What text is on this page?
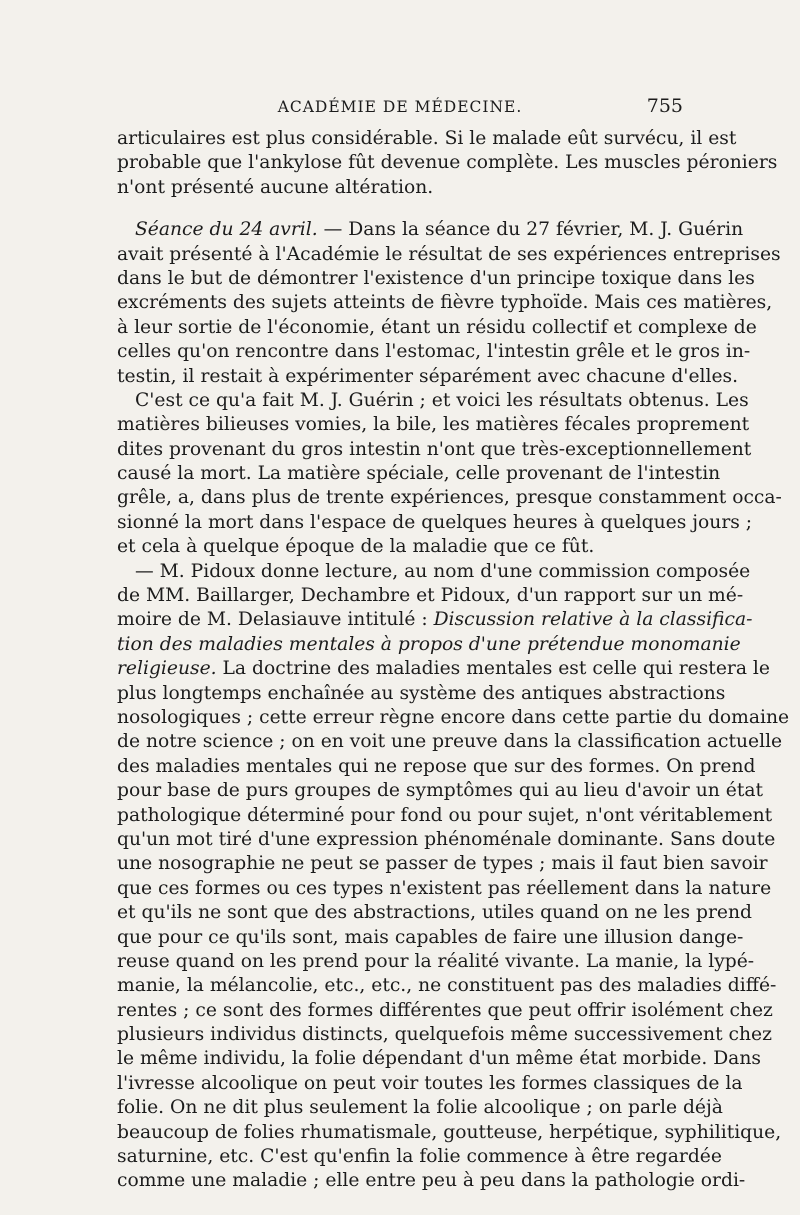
ACADÉMIE DE MÉDECINE.	755
articulaires est plus considérable. Si le malade eût survécu, il est
probable que l'ankylose fût devenue complète. Les muscles péroniers
n'ont présenté aucune altération.
Séance du 24 avril. — Dans la séance du 27 février, M. J. Guérin
avait présenté à l'Académie le résultat de ses expériences entreprises
dans le but de démontrer l'existence d'un principe toxique dans les
excréments des sujets atteints de fièvre typhoïde. Mais ces matières,
à leur sortie de l'économie, étant un résidu collectif et complexe de
celles qu'on rencontre dans l'estomac, l'intestin grêle et le gros in-
testin, il restait à expérimenter séparément avec chacune d'elles.
C'est ce qu'a fait M. J. Guérin ; et voici les résultats obtenus. Les
matières bilieuses vomies, la bile, les matières fécales proprement
dites provenant du gros intestin n'ont que très-exceptionnellement
causé la mort. La matière spéciale, celle provenant de l'intestin
grêle, a, dans plus de trente expériences, presque constamment occa-
sionné la mort dans l'espace de quelques heures à quelques jours ;
et cela à quelque époque de la maladie que ce fût.
— M. Pidoux donne lecture, au nom d'une commission composée
de MM. Baillarger, Dechambre et Pidoux, d'un rapport sur un mé-
moire de M. Delasiauve intitulé : Discussion relative à la classifica-
tion des maladies mentales à propos d'une prétendue monomanie
religieuse. La doctrine des maladies mentales est celle qui restera le
plus longtemps enchaînée au système des antiques abstractions
nosologiques ; cette erreur règne encore dans cette partie du domaine
de notre science ; on en voit une preuve dans la classification actuelle
des maladies mentales qui ne repose que sur des formes. On prend
pour base de purs groupes de symptômes qui au lieu d'avoir un état
pathologique déterminé pour fond ou pour sujet, n'ont véritablement
qu'un mot tiré d'une expression phénoménale dominante. Sans doute
une nosographie ne peut se passer de types ; mais il faut bien savoir
que ces formes ou ces types n'existent pas réellement dans la nature
et qu'ils ne sont que des abstractions, utiles quand on ne les prend
que pour ce qu'ils sont, mais capables de faire une illusion dange-
reuse quand on les prend pour la réalité vivante. La manie, la lypé-
manie, la mélancolie, etc., etc., ne constituent pas des maladies diffé-
rentes ; ce sont des formes différentes que peut offrir isolément chez
plusieurs individus distincts, quelquefois même successivement chez
le même individu, la folie dépendant d'un même état morbide. Dans
l'ivresse alcoolique on peut voir toutes les formes classiques de la
folie. On ne dit plus seulement la folie alcoolique ; on parle déjà
beaucoup de folies rhumatismale, goutteuse, herpétique, syphilitique,
saturnine, etc. C'est qu'enfin la folie commence à être regardée
comme une maladie ; elle entre peu à peu dans la pathologie ordi-
